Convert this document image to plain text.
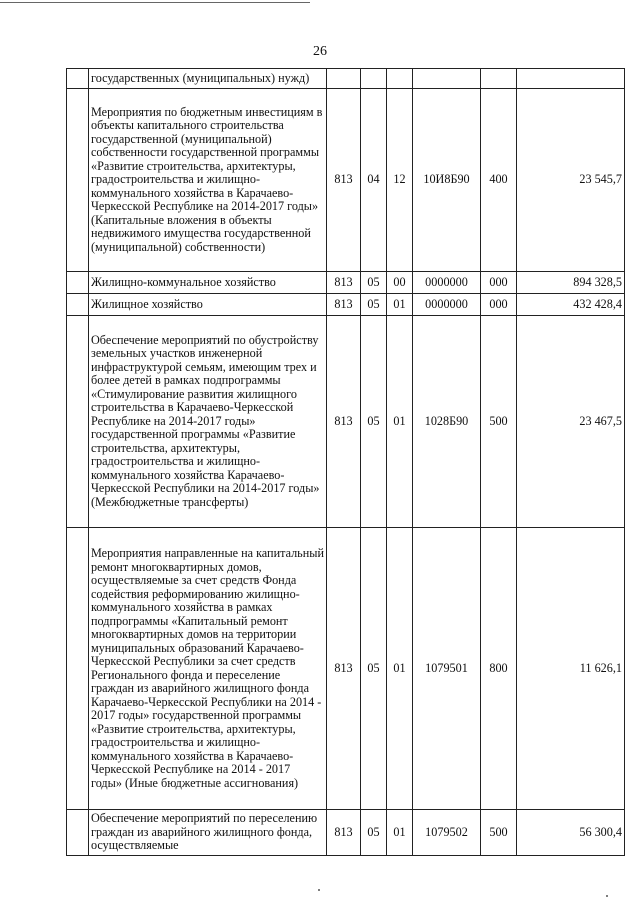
26
	государственных (муниципальных) нужд)						
	Мероприятия по бюджетным инвестициям в объекты капитального строительства государственной (муниципальной) собственности государственной программы «Развитие строительства, архитектуры, градостроительства и жилищно-коммунального хозяйства в Карачаево-Черкесской Республике на 2014-2017 годы» (Капитальные вложения в объекты недвижимого имущества государственной (муниципальной) собственности)	813	04	12	10И8Б90	400	23 545,7
	Жилищно-коммунальное хозяйство	813	05	00	0000000	000	894 328,5
	Жилищное хозяйство	813	05	01	0000000	000	432 428,4
	Обеспечение мероприятий по обустройству земельных участков инженерной инфраструктурой семьям, имеющим трех и более детей в рамках подпрограммы «Стимулирование развития жилищного строительства в Карачаево-Черкесской Республике на 2014-2017 годы» государственной программы «Развитие строительства, архитектуры, градостроительства и жилищно-коммунального хозяйства Карачаево-Черкесской Республики на 2014-2017 годы» (Межбюджетные трансферты)	813	05	01	1028Б90	500	23 467,5
	Мероприятия направленные на капитальный ремонт многоквартирных домов, осуществляемые за счет средств Фонда содействия реформированию жилищно-коммунального хозяйства в рамках подпрограммы «Капитальный ремонт многоквартирных домов на территории муниципальных образований Карачаево-Черкесской Республики за счет средств Регионального фонда и переселение граждан из аварийного жилищного фонда Карачаево-Черкесской Республики на 2014 - 2017 годы» государственной программы «Развитие строительства, архитектуры, градостроительства и жилищно-коммунального хозяйства в Карачаево-Черкесской Республике на 2014 - 2017 годы» (Иные бюджетные ассигнования)	813	05	01	1079501	800	11 626,1
	Обеспечение мероприятий по переселению граждан из аварийного жилищного фонда, осуществляемые	813	05	01	1079502	500	56 300,4
